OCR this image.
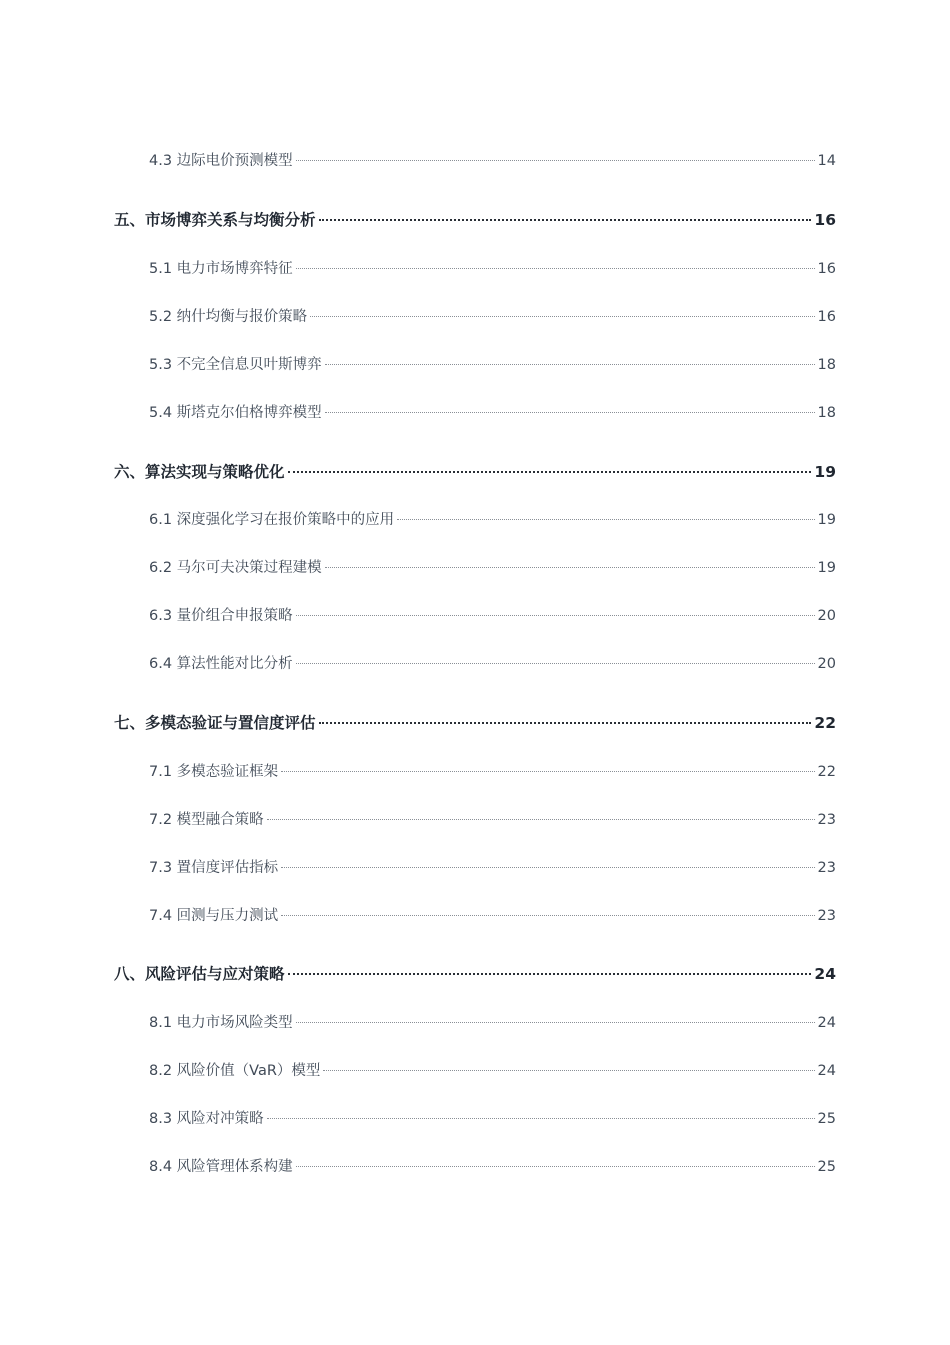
4.3 边际电价预测模型	14
五、市场博弈关系与均衡分析	16
5.1 电力市场博弈特征	16
5.2 纳什均衡与报价策略	16
5.3 不完全信息贝叶斯博弈	18
5.4 斯塔克尔伯格博弈模型	18
六、算法实现与策略优化	19
6.1 深度强化学习在报价策略中的应用	19
6.2 马尔可夫决策过程建模	19
6.3 量价组合申报策略	20
6.4 算法性能对比分析	20
七、多模态验证与置信度评估	22
7.1 多模态验证框架	22
7.2 模型融合策略	23
7.3 置信度评估指标	23
7.4 回测与压力测试	23
八、风险评估与应对策略	24
8.1 电力市场风险类型	24
8.2 风险价值（VaR）模型	24
8.3 风险对冲策略	25
8.4 风险管理体系构建	25
